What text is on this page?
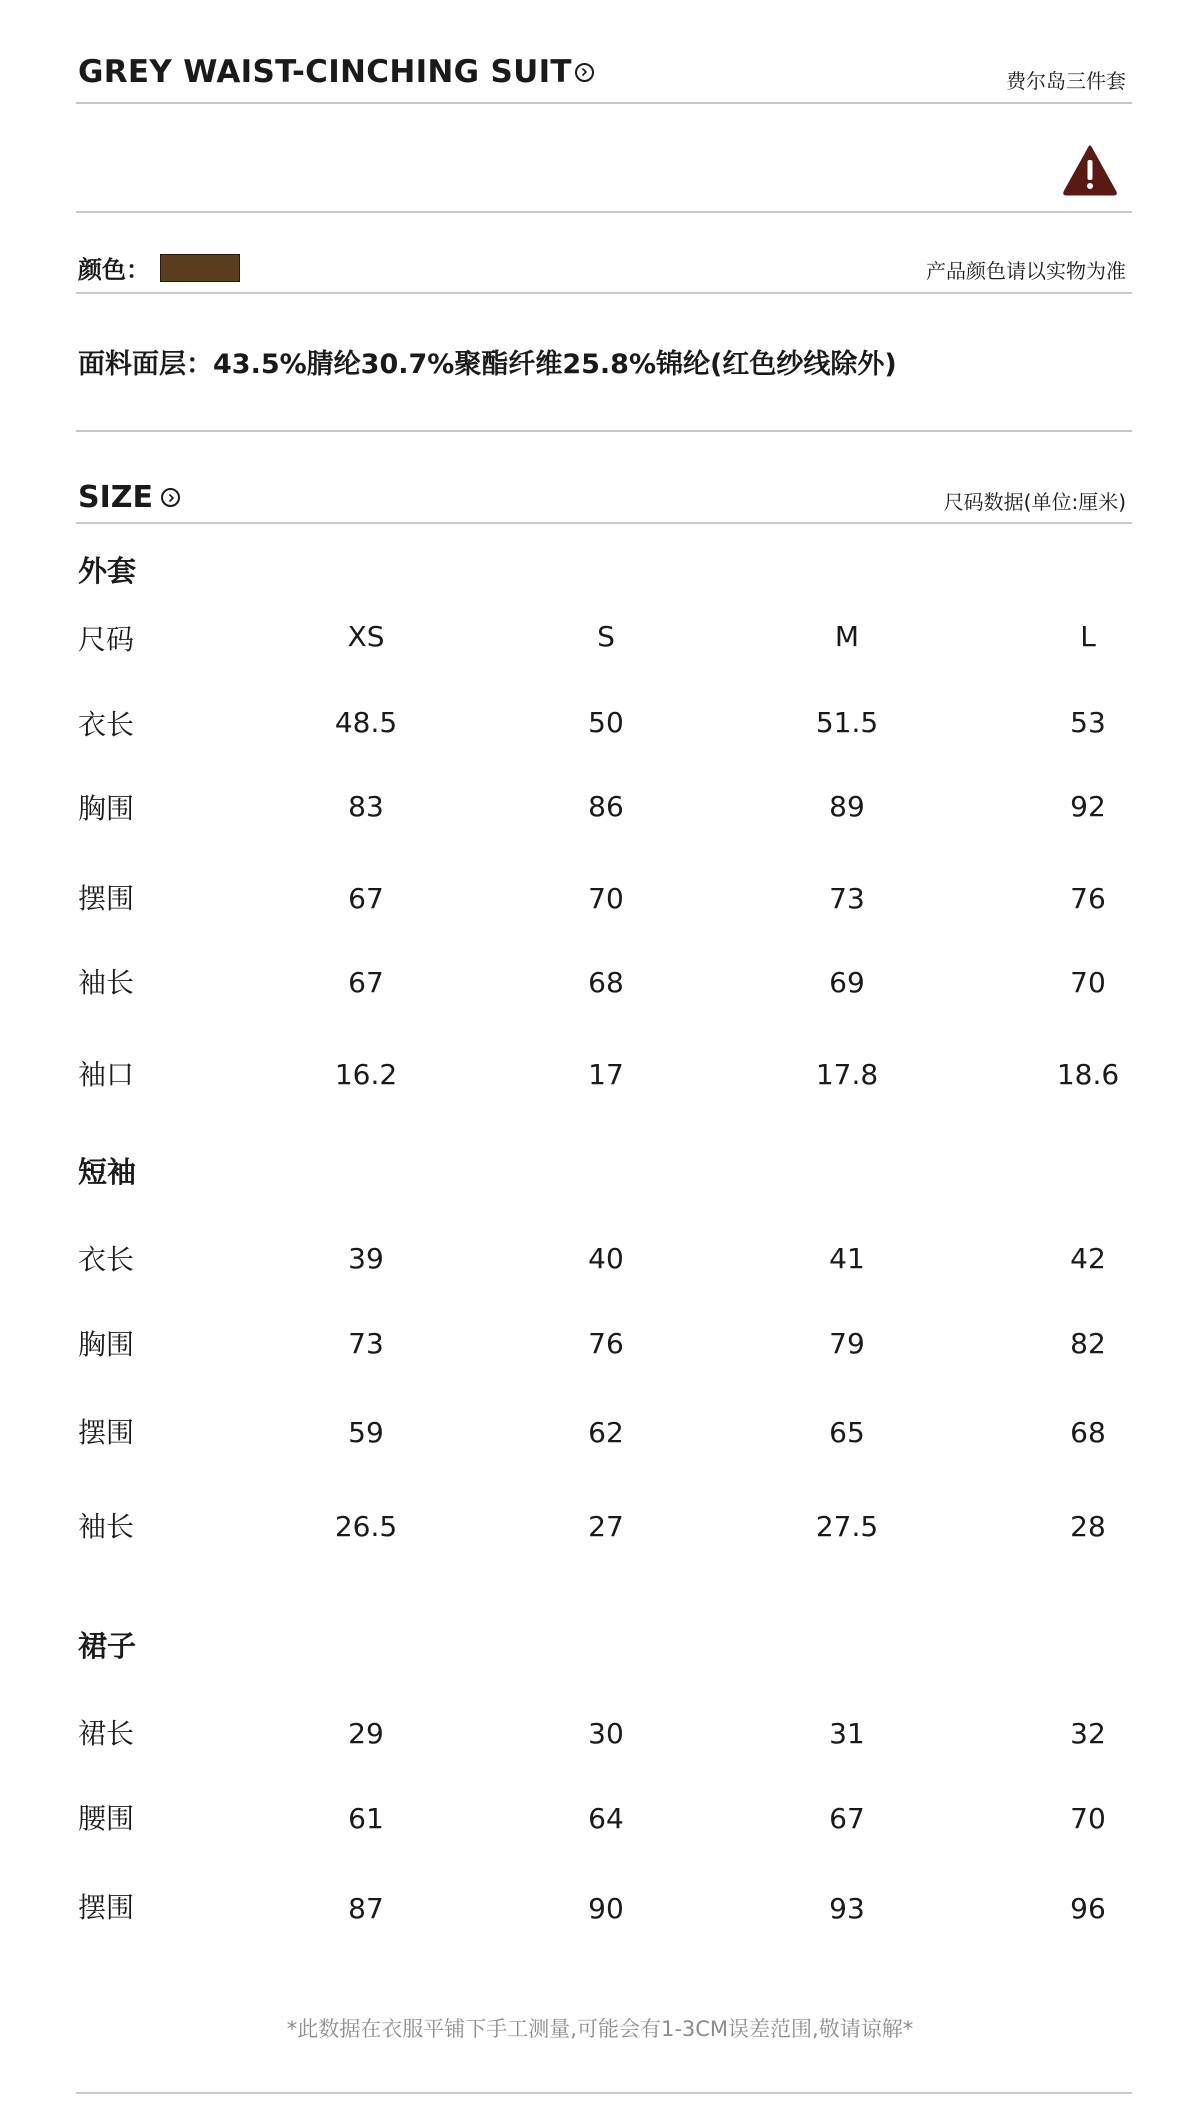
GREY WAIST-CINCHING SUIT	费尔岛三件套
颜色：	产品颜色请以实物为准
面料面层：43.5%腈纶30.7%聚酯纤维25.8%锦纶(红色纱线除外)
SIZE	尺码数据(单位:厘米)
外套
尺码	XS	S	M	L
衣长	48.5	50	51.5	53
胸围	83	86	89	92
摆围	67	70	73	76
袖长	67	68	69	70
袖口	16.2	17	17.8	18.6
短袖
衣长	39	40	41	42
胸围	73	76	79	82
摆围	59	62	65	68
袖长	26.5	27	27.5	28
裙子
裙长	29	30	31	32
腰围	61	64	67	70
摆围	87	90	93	96
*此数据在衣服平铺下手工测量,可能会有1-3CM误差范围,敬请谅解*
